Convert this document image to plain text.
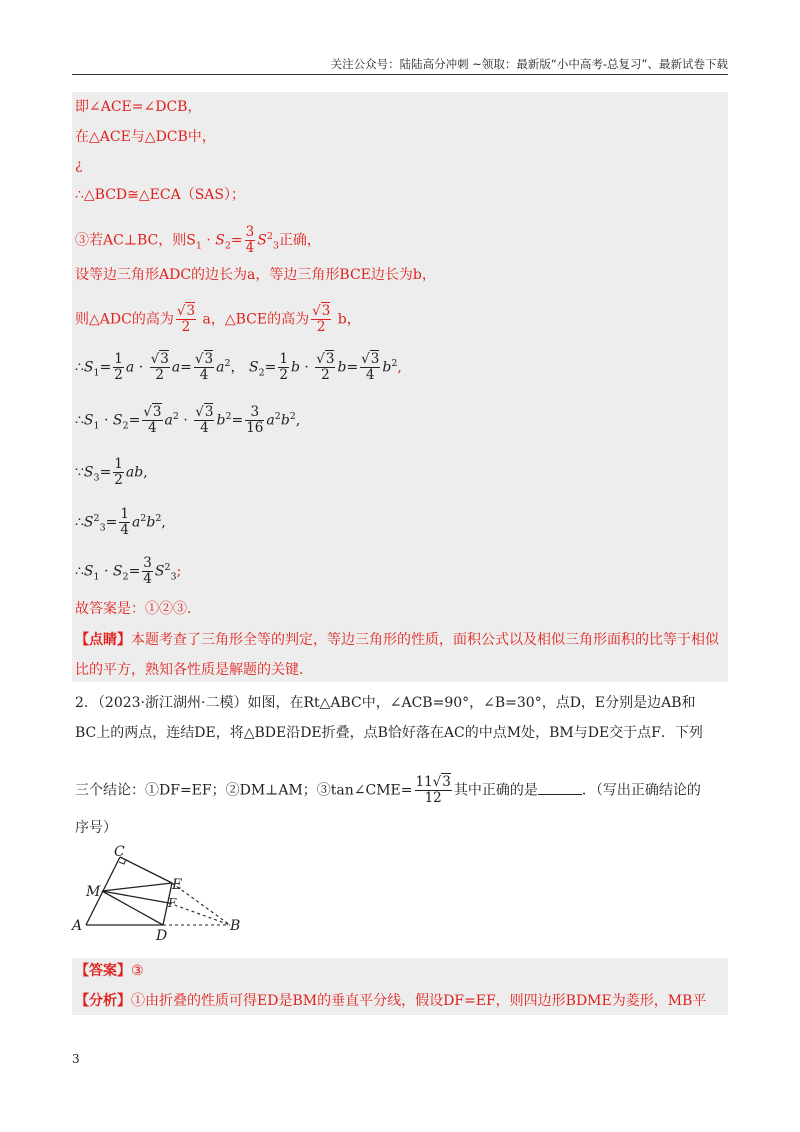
关注公众号：陆陆高分冲刺 ~领取：最新版“小中高考-总复习”、最新试卷下载
即∠ACE=∠DCB，
在△ACE与△DCB中，
¿
∴△BCD≅△ECA（SAS）；
③若AC⊥BC，则$S_1 \cdot S_2= \frac{3}{4} S^2_3$正确，
设等边三角形ADC的边长为a，等边三角形BCE边长为b，
则△ADC的高为 $\frac{√3}{2}$ a，△BCE的高为 $\frac{√3}{2}$ b，
$\therefore S_1= \frac{1}{2}$ $a \cdot \frac{√3}{2} a= \frac{√3}{4} a^2$， $S_2= \frac{1}{2}$ $b \cdot \frac{√3}{2} b= \frac{√3}{4} b^2$,
$\therefore S_1 \cdot S_2= \frac{√3}{4} a^2 \cdot \frac{√3}{4} b^2= \frac{3}{16} a^2b^2$,
$\because S_3= \frac{1}{2}$ ab,
$\therefore S^2_3= \frac{1}{4} a^2b^2$,
$\therefore S_1 \cdot S_2= \frac{3}{4} S^2_3$;
故答案是：①②③.
【点睛】本题考查了三角形全等的判定，等边三角形的性质，面积公式以及相似三角形面积的比等于相似
比的平方，熟知各性质是解题的关键.
2．（2023·浙江湖州·二模）如图，在Rt△ABC中，∠ACB=90°，∠B=30°，点D，E分别是边AB和
BC上的两点，连结DE，将△BDE沿DE折叠，点B恰好落在AC的中点M处，BM与DE交于点F．下列
三个结论：①DF=EF；②DM⊥AM；③tan∠CME= $\frac{11√3}{12}$ 其中正确的是	．（写出正确结论的
序号）
C
M	E
F
A
D
B
【答案】③
【分析】①由折叠的性质可得ED是BM的垂直平分线，假设DF=EF，则四边形BDME为菱形，MB平
3
